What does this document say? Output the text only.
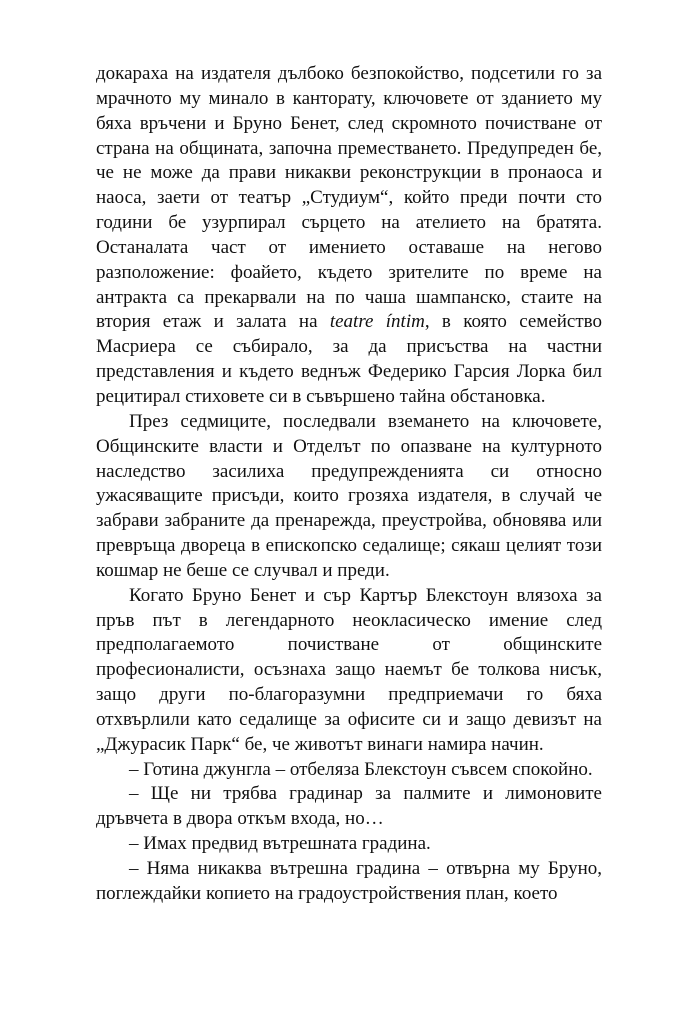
докараха на издателя дълбоко безпокойство, подсетили го за мрачното му минало в канторату, ключовете от зданието му бяха връчени и Бруно Бенет, след скромното почистване от страна на общината, започна преместването. Предупреден бе, че не може да прави никакви реконструкции в пронаоса и наоса, заети от театър „Студиум“, който преди почти сто години бе узурпирал сърцето на ателието на братята. Останалата част от имението оставаше на негово разположение: фоайето, където зрителите по време на антракта са прекарвали на по чаша шампанско, стаите на втория етаж и залата на teatre íntim, в която семейство Масриера се събирало, за да присъства на частни представления и където веднъж Федерико Гарсия Лорка бил рецитирал стиховете си в съвършено тайна обстановка.

През седмиците, последвали вземането на ключовете, Общинските власти и Отделът по опазване на културното наследство засилиха предупрежденията си относно ужасяващите присъди, които грозяха издателя, в случай че забрави забраните да пренарежда, преустройва, обновява или превръща двореца в епископско седалище; сякаш целият този кошмар не беше се случвал и преди.

Когато Бруно Бенет и сър Картър Блекстоун влязоха за пръв път в легендарното неокласическо имение след предполагаемото почистване от общинските професионалисти, осъзнаха защо наемът бе толкова нисък, защо други по-благоразумни предприемачи го бяха отхвърлили като седалище за офисите си и защо девизът на „Джурасик Парк“ бе, че животът винаги намира начин.

– Готина джунгла – отбеляза Блекстоун съвсем спокойно.

– Ще ни трябва градинар за палмите и лимоновите дръвчета в двора откъм входа, но…

– Имах предвид вътрешната градина.

– Няма никаква вътрешна градина – отвърна му Бруно, поглеждайки копието на градоустройствения план, което
